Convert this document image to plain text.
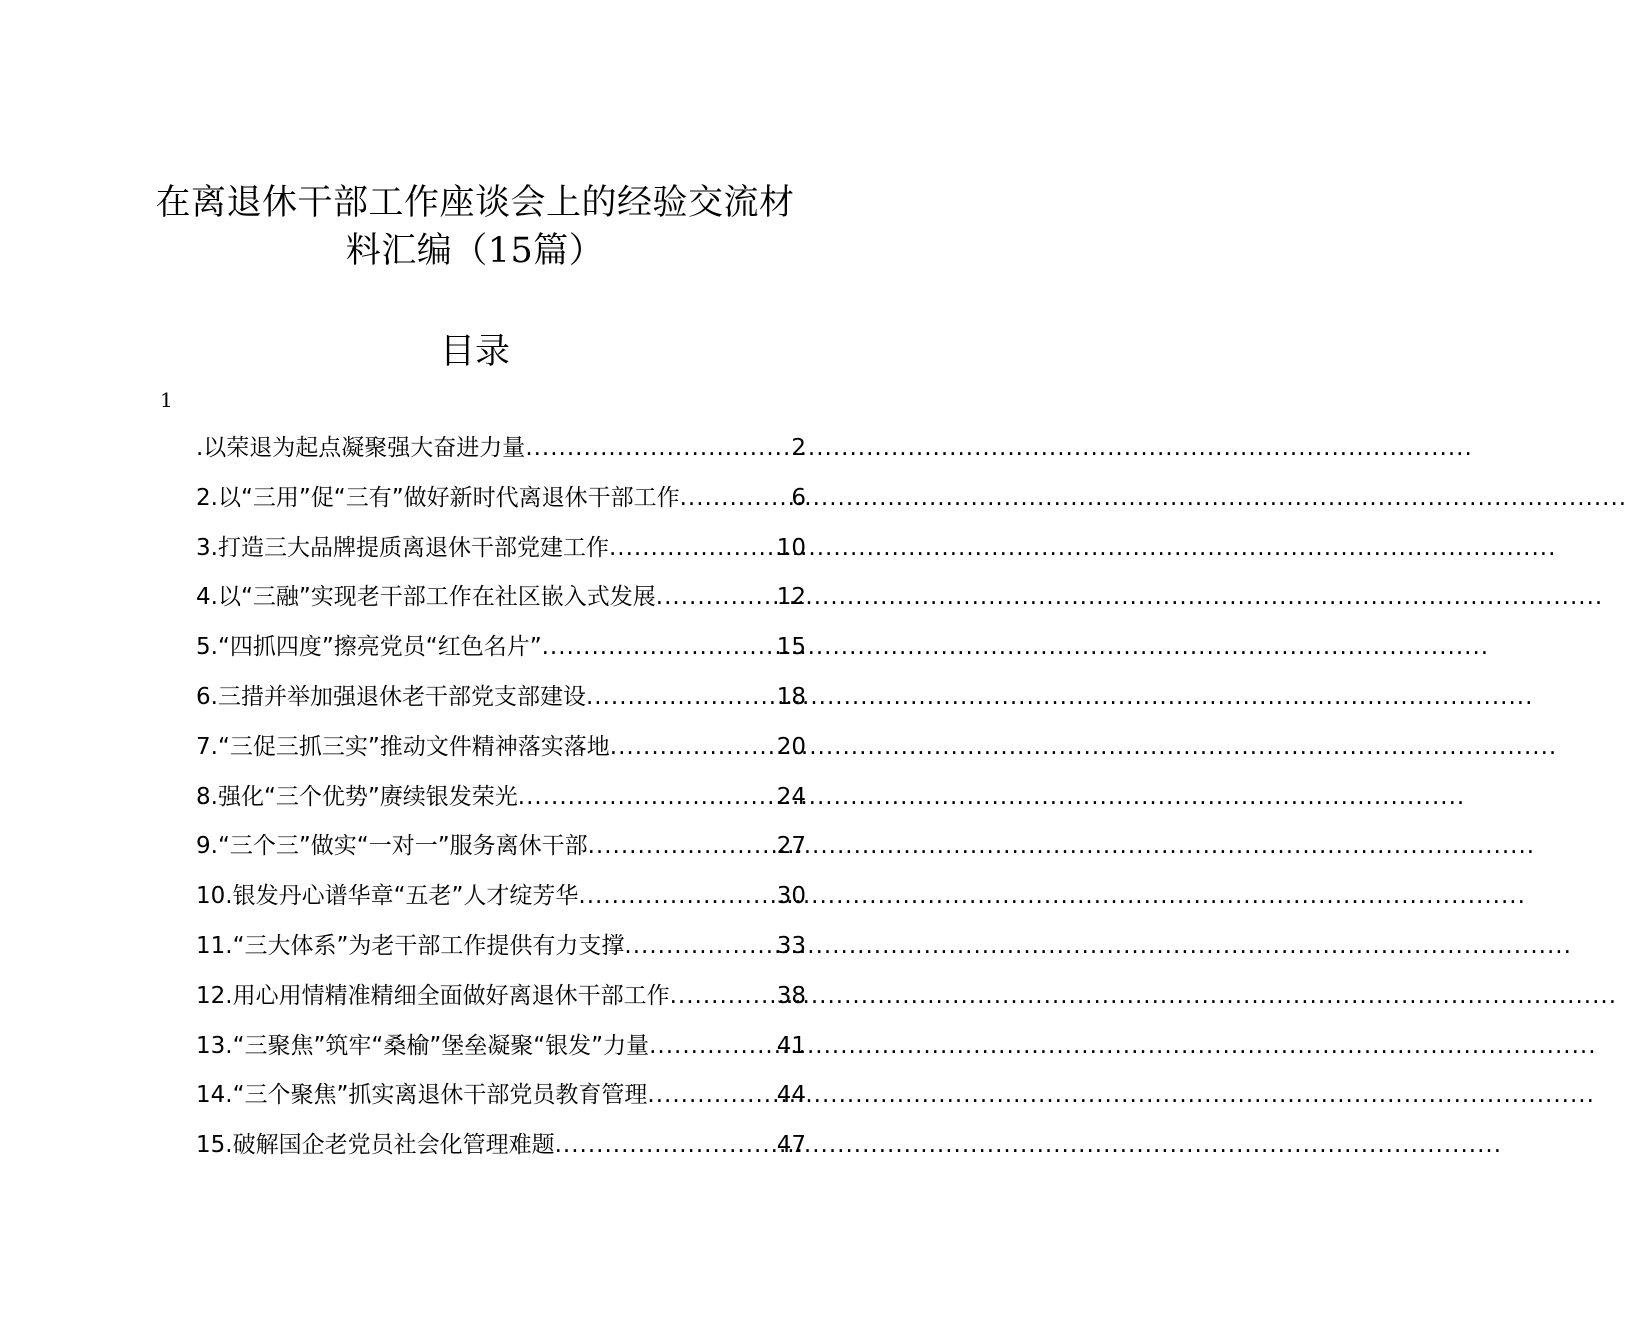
在离退休干部工作座谈会上的经验交流材
料汇编（15篇）
目录
1
.以荣退为起点凝聚强大奋进力量 .....	2
2.以“三用”促“三有”做好新时代离退休干部工作 .....	6
3.打造三大品牌提质离退休干部党建工作 .....	10
4.以“三融”实现老干部工作在社区嵌入式发展 .....	12
5.“四抓四度”擦亮党员“红色名片” .....	15
6.三措并举加强退休老干部党支部建设 .....	18
7.“三促三抓三实”推动文件精神落实落地 .....	20
8.强化“三个优势”赓续银发荣光 .....	24
9.“三个三”做实“一对一”服务离休干部 .....	27
10.银发丹心谱华章“五老”人才绽芳华 .....	30
11.“三大体系”为老干部工作提供有力支撑 .....	33
12.用心用情精准精细全面做好离退休干部工作 .....	38
13.“三聚焦”筑牢“桑榆”堡垒凝聚“银发”力量 .....	41
14.“三个聚焦”抓实离退休干部党员教育管理 .....	44
15.破解国企老党员社会化管理难题 .....	47
